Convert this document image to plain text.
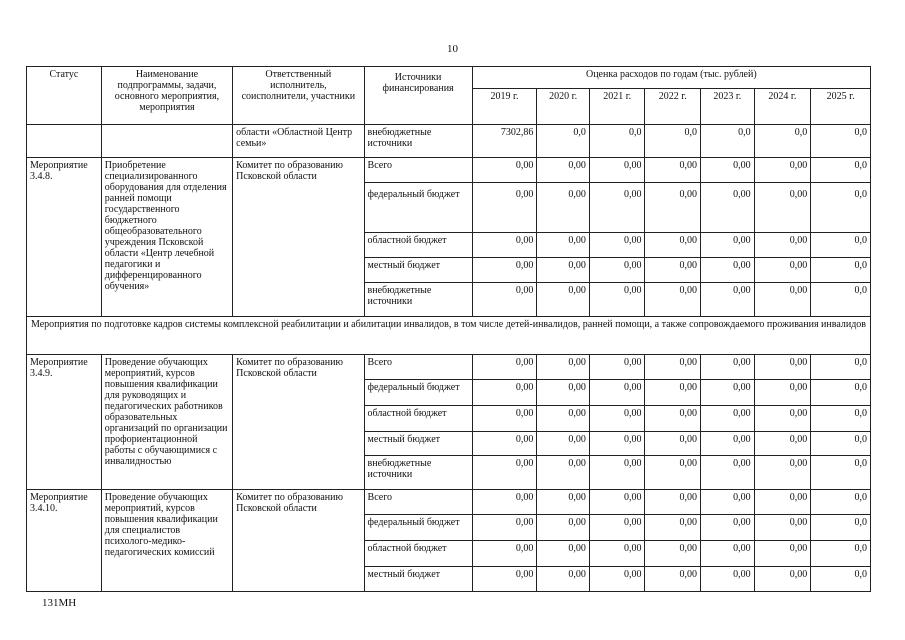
10
Статус	Наименование подпрограммы, задачи, основного мероприятия, мероприятия	Ответственный исполнитель, соисполнители, участники	Источники финансирования	Оценка расходов по годам (тыс. рублей)						
				2019 г.	2020 г.	2021 г.	2022 г.	2023 г.	2024 г.	2025 г.
		области «Областной Центр семьи»	внебюджетные источники	7302,86	0,0	0,0	0,0	0,0	0,0	0,0
Мероприятие 3.4.8.	Приобретение специализированного оборудования для отделения ранней помощи государственного бюджетного общеобразовательного учреждения Псковской области «Центр лечебной педагогики и дифференцированного обучения»	Комитет по образованию Псковской области	Всего	0,00	0,00	0,00	0,00	0,00	0,00	0,0
			федеральный бюджет	0,00	0,00	0,00	0,00	0,00	0,00	0,0
			областной бюджет	0,00	0,00	0,00	0,00	0,00	0,00	0,0
			местный бюджет	0,00	0,00	0,00	0,00	0,00	0,00	0,0
			внебюджетные источники	0,00	0,00	0,00	0,00	0,00	0,00	0,0
Мероприятия по подготовке кадров системы комплексной реабилитации и абилитации инвалидов, в том числе детей-инвалидов, ранней помощи, а также сопровождаемого проживания инвалидов										
Мероприятие 3.4.9.	Проведение обучающих мероприятий, курсов повышения квалификации для руководящих и педагогических работников образовательных организаций по организации профориентационной работы с обучающимися с инвалидностью	Комитет по образованию Псковской области	Всего	0,00	0,00	0,00	0,00	0,00	0,00	0,0
			федеральный бюджет	0,00	0,00	0,00	0,00	0,00	0,00	0,0
			областной бюджет	0,00	0,00	0,00	0,00	0,00	0,00	0,0
			местный бюджет	0,00	0,00	0,00	0,00	0,00	0,00	0,0
			внебюджетные источники	0,00	0,00	0,00	0,00	0,00	0,00	0,0
Мероприятие 3.4.10.	Проведение обучающих мероприятий, курсов повышения квалификации для специалистов психолого-медико-педагогических комиссий	Комитет по образованию Псковской области	Всего	0,00	0,00	0,00	0,00	0,00	0,00	0,0
			федеральный бюджет	0,00	0,00	0,00	0,00	0,00	0,00	0,0
			областной бюджет	0,00	0,00	0,00	0,00	0,00	0,00	0,0
			местный бюджет	0,00	0,00	0,00	0,00	0,00	0,00	0,0
131МН
